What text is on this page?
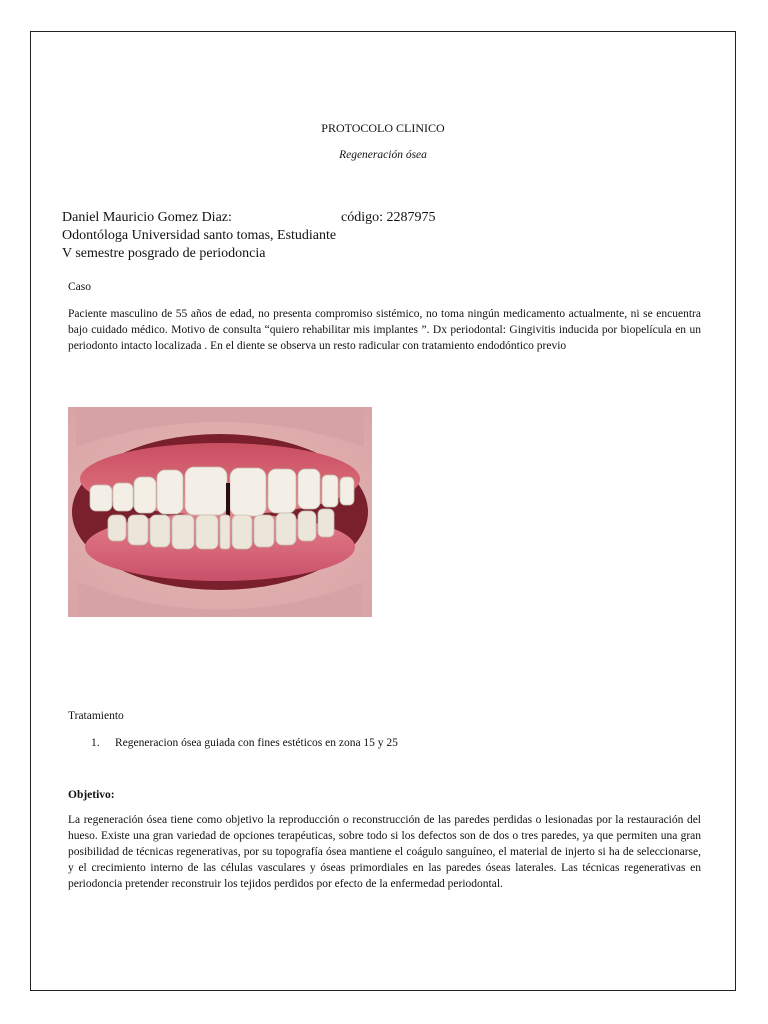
PROTOCOLO CLINICO
Regeneración ósea
Daniel Mauricio Gomez Diaz:	código: 2287975
Odontóloga Universidad santo tomas, Estudiante
V semestre posgrado de periodoncia
Caso
Paciente masculino de 55 años de edad, no presenta compromiso sistémico, no toma ningún medicamento actualmente, ni se encuentra bajo cuidado médico. Motivo de consulta “quiero rehabilitar mis implantes ”. Dx periodontal: Gingivitis inducida por biopelícula en un periodonto intacto localizada . En el diente se observa un resto radicular con tratamiento endodóntico previo
Tratamiento
1. Regeneracion ósea guiada con fines estéticos en zona 15 y 25
Objetivo:
La regeneración ósea tiene como objetivo la reproducción o reconstrucción de las paredes perdidas o lesionadas por la restauración del hueso. Existe una gran variedad de opciones terapéuticas, sobre todo si los defectos son de dos o tres paredes, ya que permiten una gran posibilidad de técnicas regenerativas, por su topografía ósea mantiene el coágulo sanguíneo, el material de injerto si ha de seleccionarse, y el crecimiento interno de las células vasculares y óseas primordiales en las paredes óseas laterales. Las técnicas regenerativas en periodoncia pretender reconstruir los tejidos perdidos por efecto de la enfermedad periodontal.
